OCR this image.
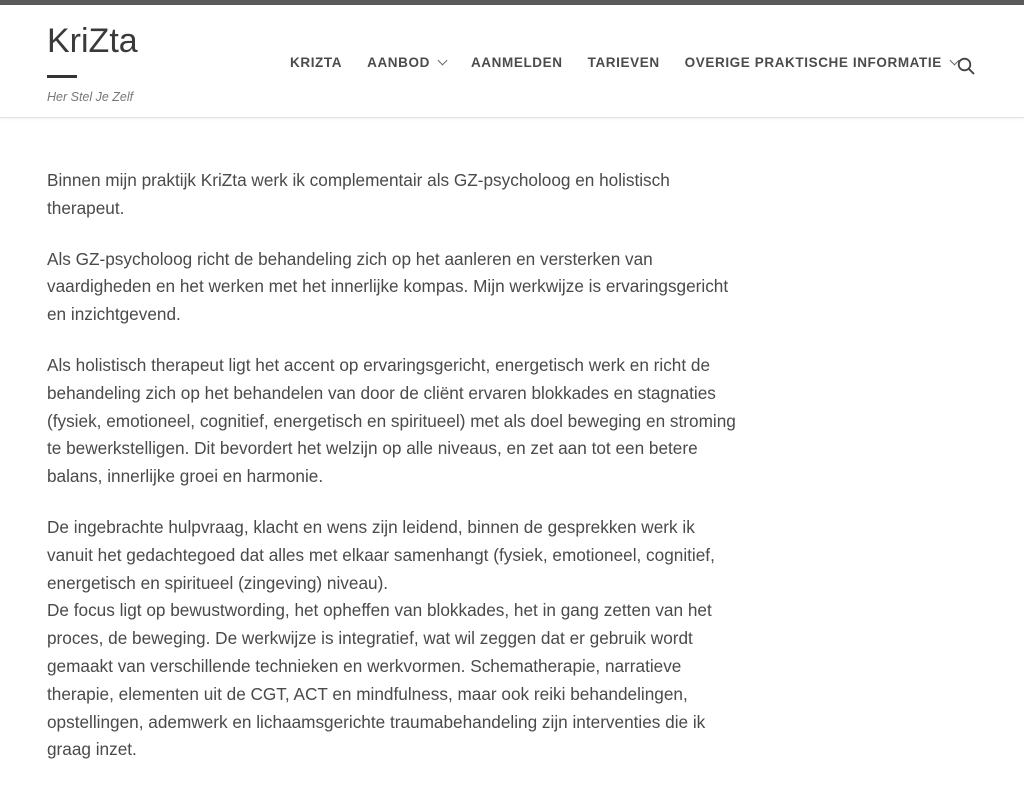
KriZta
Her Stel Je Zelf
KRIZTA AANBOD	AANMELDEN TARIEVEN OVERIGE PRAKTISCHE INFORMATIE

Binnen mijn praktijk KriZta werk ik complementair als GZ-psycholoog en holistisch therapeut.

Als GZ-psycholoog richt de behandeling zich op het aanleren en versterken van vaardigheden en het werken met het innerlijke kompas. Mijn werkwijze is ervaringsgericht en inzichtgevend.

Als holistisch therapeut ligt het accent op ervaringsgericht, energetisch werk en richt de behandeling zich op het behandelen van door de cliënt ervaren blokkades en stagnaties (fysiek, emotioneel, cognitief, energetisch en spiritueel) met als doel beweging en stroming te bewerkstelligen. Dit bevordert het welzijn op alle niveaus, en zet aan tot een betere balans, innerlijke groei en harmonie.

De ingebrachte hulpvraag, klacht en wens zijn leidend, binnen de gesprekken werk ik vanuit het gedachtegoed dat alles met elkaar samenhangt (fysiek, emotioneel, cognitief, energetisch en spiritueel (zingeving) niveau).

De focus ligt op bewustwording, het opheffen van blokkades, het in gang zetten van het proces, de beweging. De werkwijze is integratief, wat wil zeggen dat er gebruik wordt gemaakt van verschillende technieken en werkvormen. Schematherapie, narratieve therapie, elementen uit de CGT, ACT en mindfulness, maar ook reiki behandelingen, opstellingen, ademwerk en lichaamsgerichte traumabehandeling zijn interventies die ik graag inzet.
